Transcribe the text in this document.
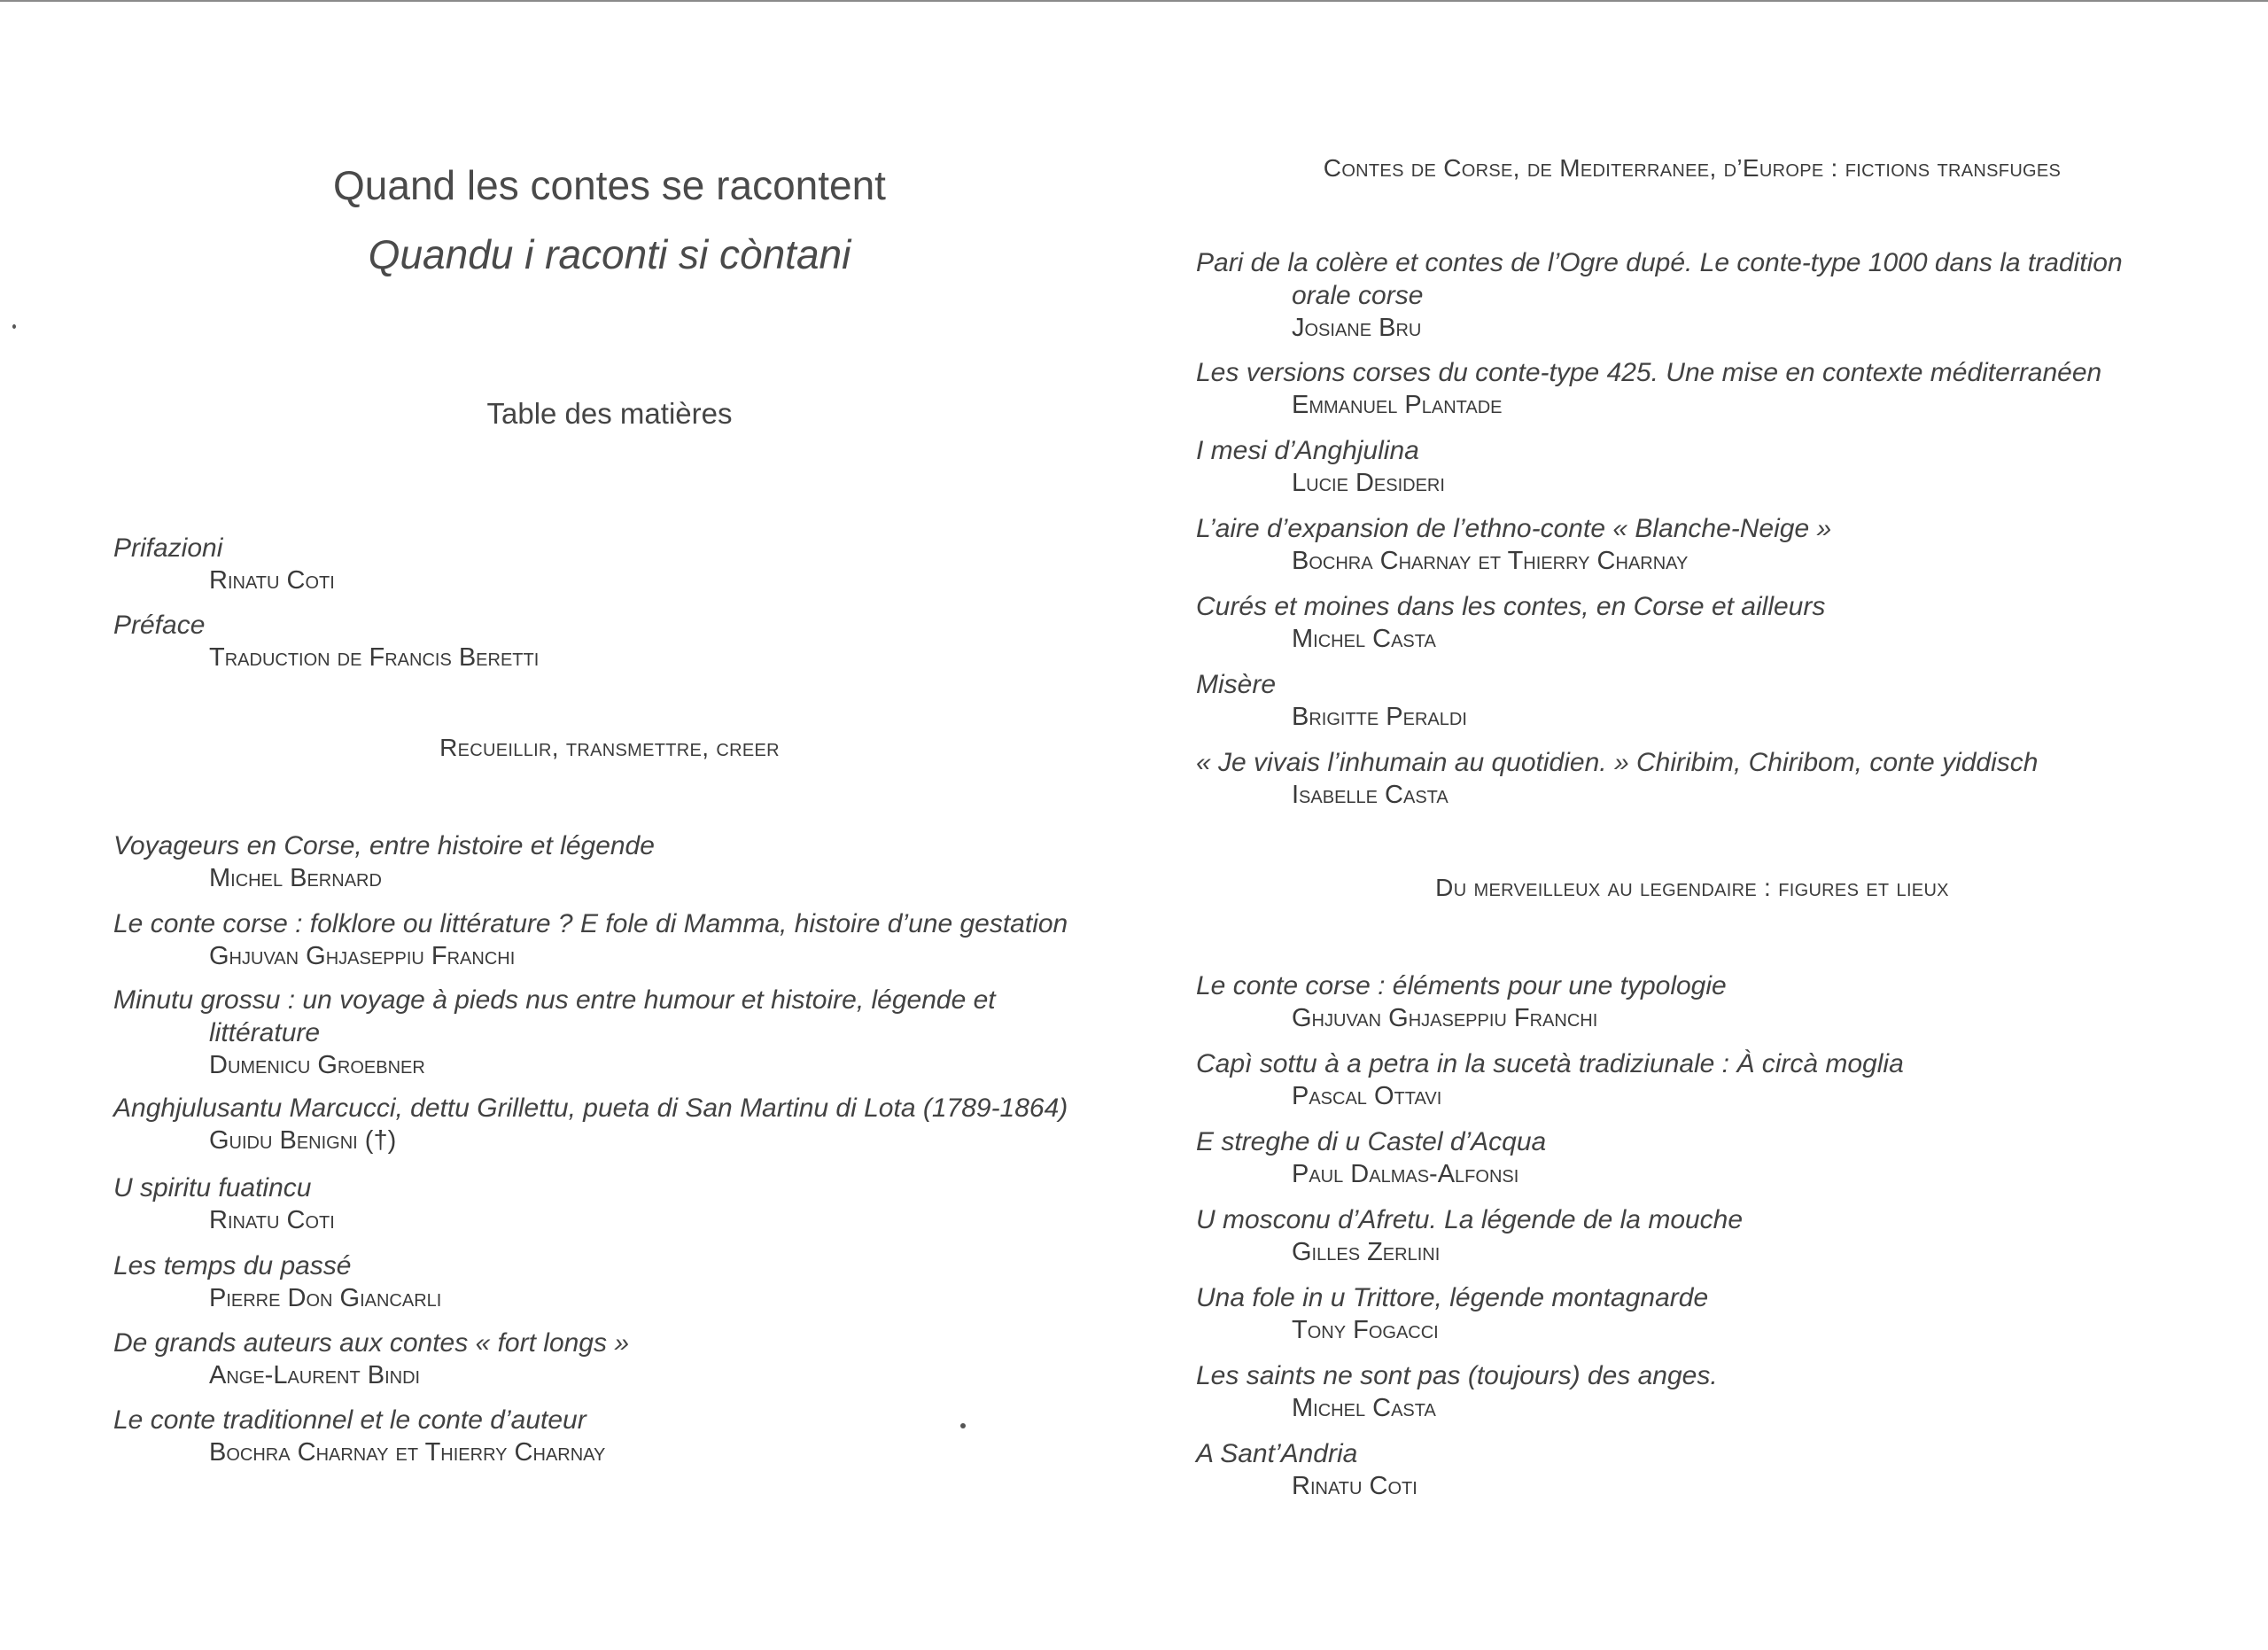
Quand les contes se racontent
Quandu i raconti si còntani
Table des matières
Prifazioni
Rinatu Coti
Préface
Traduction de Francis Beretti
Recueillir, transmettre, creer
Voyageurs en Corse, entre histoire et légende
Michel Bernard
Le conte corse : folklore ou littérature ? E fole di Mamma, histoire d’une gestation
Ghjuvan Ghjaseppiu Franchi
Minutu grossu : un voyage à pieds nus entre humour et histoire, légende et
littérature
Dumenicu Groebner
Anghjulusantu Marcucci, dettu Grillettu, pueta di San Martinu di Lota (1789-1864)
Guidu Benigni (†)
U spiritu fuatincu
Rinatu Coti
Les temps du passé
Pierre Don Giancarli
De grands auteurs aux contes « fort longs »
Ange-Laurent Bindi
Le conte traditionnel et le conte d’auteur
Bochra Charnay et Thierry Charnay
Contes de Corse, de Mediterranee, d’Europe : fictions transfuges
Pari de la colère et contes de l’Ogre dupé. Le conte-type 1000 dans la tradition
orale corse
Josiane Bru
Les versions corses du conte-type 425. Une mise en contexte méditerranéen
Emmanuel Plantade
I mesi d’Anghjulina
Lucie Desideri
L’aire d’expansion de l’ethno-conte « Blanche-Neige »
Bochra Charnay et Thierry Charnay
Curés et moines dans les contes, en Corse et ailleurs
Michel Casta
Misère
Brigitte Peraldi
« Je vivais l’inhumain au quotidien. » Chiribim, Chiribom, conte yiddisch
Isabelle Casta
Du merveilleux au legendaire : figures et lieux
Le conte corse : éléments pour une typologie
Ghjuvan Ghjaseppiu Franchi
Capì sottu à a petra in la sucetà tradiziunale : À circà moglia
Pascal Ottavi
E streghe di u Castel d’Acqua
Paul Dalmas-Alfonsi
U mosconu d’Afretu. La légende de la mouche
Gilles Zerlini
Una fole in u Trittore, légende montagnarde
Tony Fogacci
Les saints ne sont pas (toujours) des anges.
Michel Casta
A Sant’Andria
Rinatu Coti
